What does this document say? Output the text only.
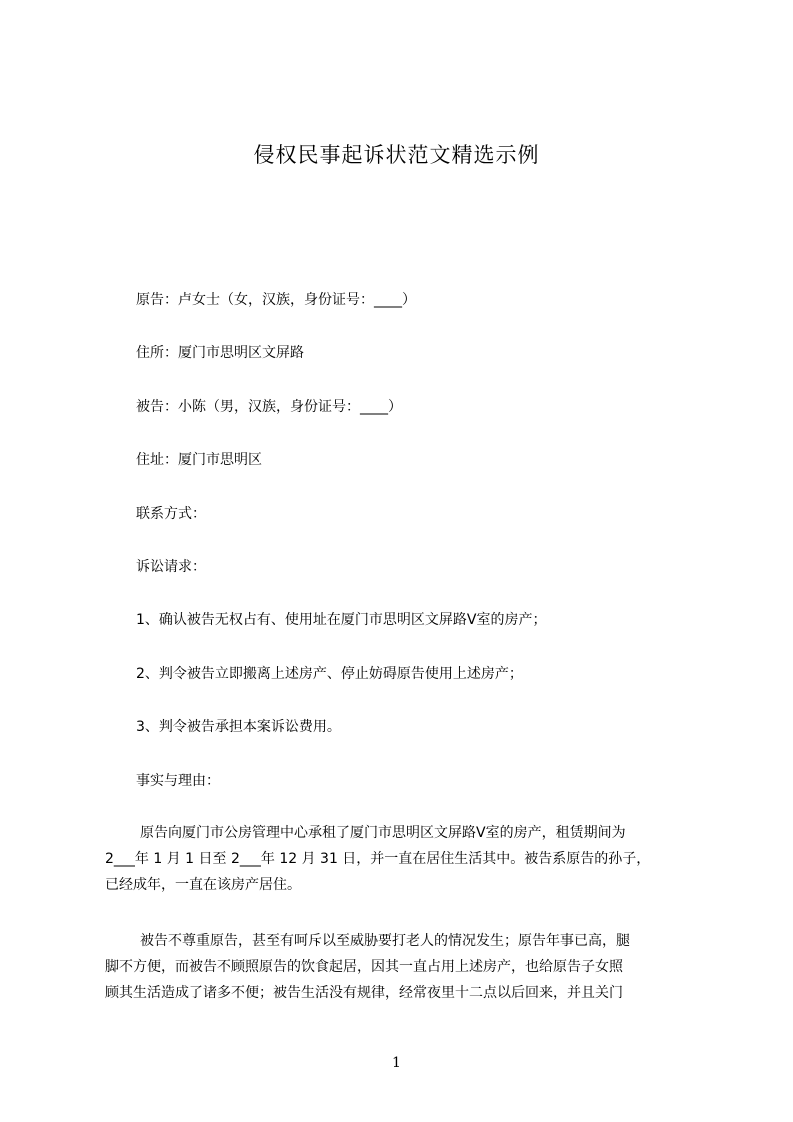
侵权民事起诉状范文精选示例
原告：卢女士（女，汉族，身份证号：____）
住所：厦门市思明区文屏路
被告：小陈（男，汉族，身份证号：____）
住址：厦门市思明区
联系方式：
诉讼请求：
1、确认被告无权占有、使用址在厦门市思明区文屏路Ⅴ室的房产；
2、判令被告立即搬离上述房产、停止妨碍原告使用上述房产；
3、判令被告承担本案诉讼费用。
事实与理由：
原告向厦门市公房管理中心承租了厦门市思明区文屏路Ⅴ室的房产，租赁期间为
2___年 1 月 1 日至 2___年 12 月 31 日，并一直在居住生活其中。被告系原告的孙子，
已经成年，一直在该房产居住。
被告不尊重原告，甚至有呵斥以至威胁要打老人的情况发生；原告年事已高，腿
脚不方便，而被告不顾照原告的饮食起居，因其一直占用上述房产，也给原告子女照
顾其生活造成了诸多不便；被告生活没有规律，经常夜里十二点以后回来，并且关门
1
